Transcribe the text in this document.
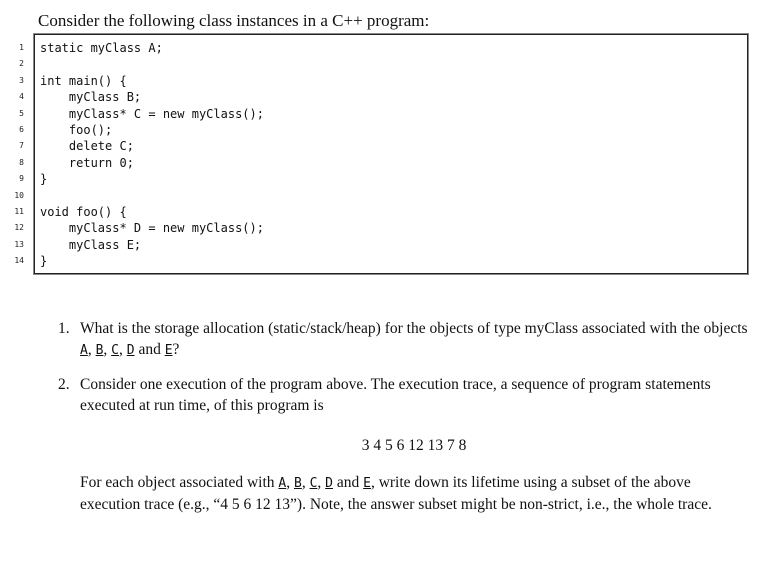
Consider the following class instances in a C++ program:
1 static myClass A;
2
3 int main() {
4 myClass B;
5 myClass* C = new myClass();
6 foo();
7 delete C;
8 return 0;
9 }
10
11 void foo() {
12 myClass* D = new myClass();
13 myClass E;
14 }
1. What is the storage allocation (static/stack/heap) for the objects of type myClass associated with the objects A, B, C, D and E?
2. Consider one execution of the program above. The execution trace, a sequence of program statements executed at run time, of this program is
3 4 5 6 12 13 7 8
For each object associated with A, B, C, D and E, write down its lifetime using a subset of the above execution trace (e.g., “4 5 6 12 13”). Note, the answer subset might be non-strict, i.e., the whole trace.
